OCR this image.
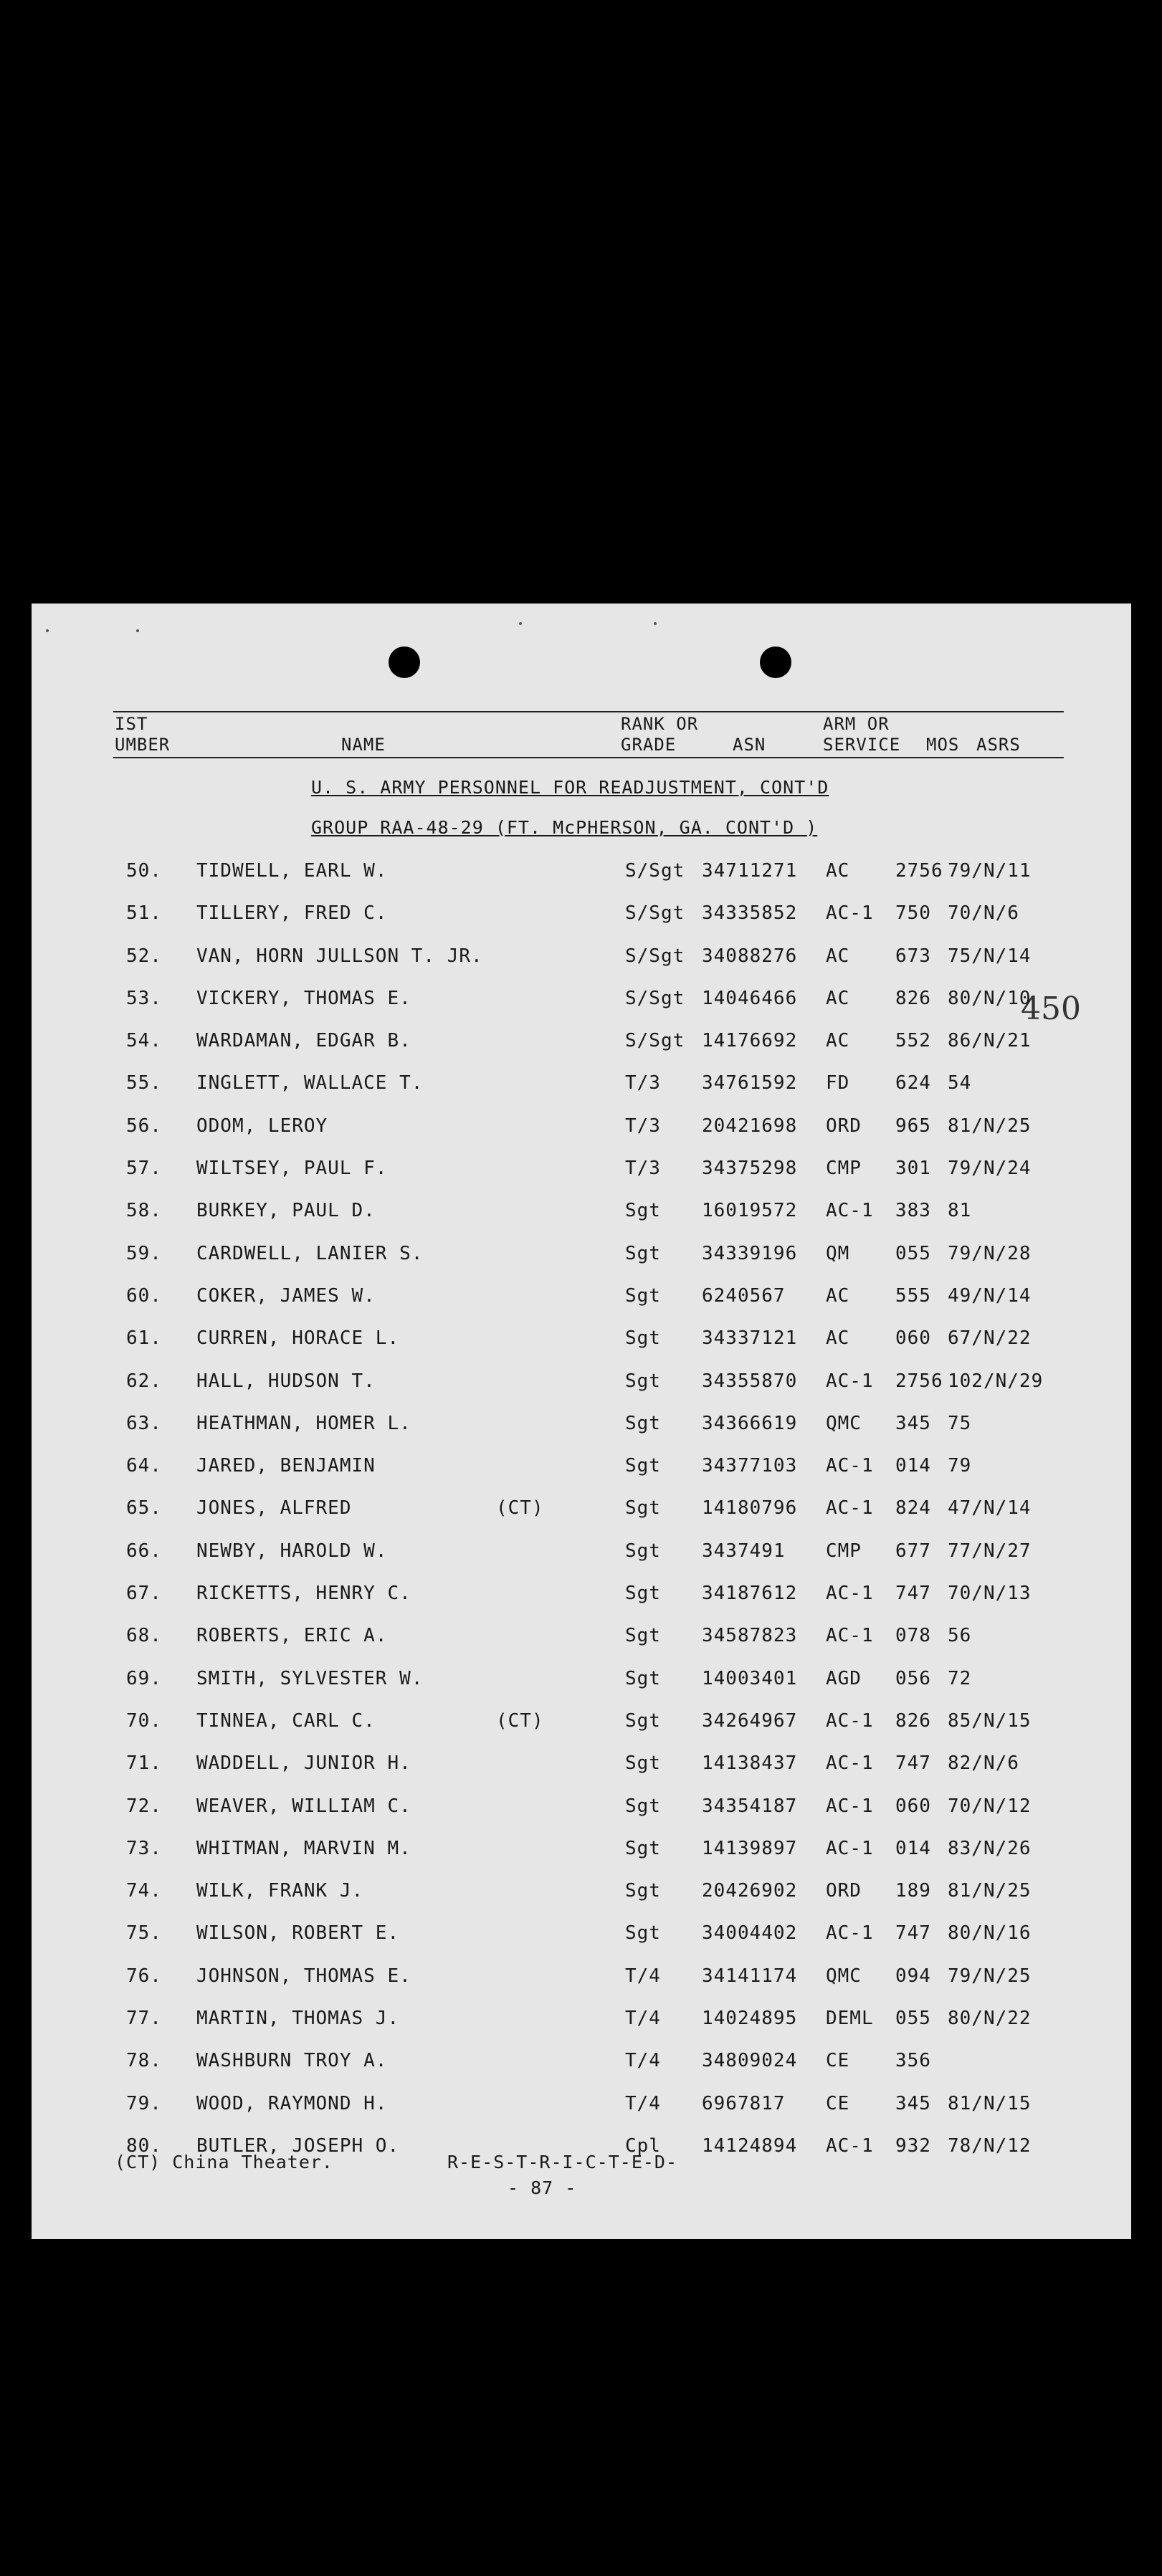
IST
UMBER	NAME
RANK OR
GRADE	ASN
ARM OR
SERVICE MOS ASRS
U. S. ARMY PERSONNEL FOR READJUSTMENT, CONT'D
GROUP RAA-48-29 (FT. McPHERSON, GA. CONT'D )
450
50. TIDWELL, EARL W.	S/Sgt 34711271 AC 2756 79/N/11
51. TILLERY, FRED C.	S/Sgt 34335852 AC-1 750 70/N/6
52. VAN, HORN JULLSON T. JR.	S/Sgt 34088276 AC 673 75/N/14
53. VICKERY, THOMAS E.	S/Sgt 14046466 AC 826 80/N/10
54. WARDAMAN, EDGAR B.	S/Sgt 14176692 AC 552 86/N/21
55. INGLETT, WALLACE T.	T/3 34761592 FD 624 54
56. ODOM, LEROY	T/3 20421698 ORD 965 81/N/25
57. WILTSEY, PAUL F.	T/3 34375298 CMP 301 79/N/24
58. BURKEY, PAUL D.	Sgt 16019572 AC-1 383 81
59. CARDWELL, LANIER S.	Sgt 34339196 QM 055 79/N/28
60. COKER, JAMES W.	Sgt 6240567 AC 555 49/N/14
61. CURREN, HORACE L.	Sgt 34337121 AC 060 67/N/22
62. HALL, HUDSON T.	Sgt 34355870 AC-1 2756 102/N/29
63. HEATHMAN, HOMER L.	Sgt 34366619 QMC 345 75
64. JARED, BENJAMIN	Sgt 34377103 AC-1 014 79
65. JONES, ALFRED	(CT)	Sgt 14180796 AC-1 824 47/N/14
66. NEWBY, HAROLD W.	Sgt 3437491 CMP 677 77/N/27
67. RICKETTS, HENRY C.	Sgt 34187612 AC-1 747 70/N/13
68. ROBERTS, ERIC A.	Sgt 34587823 AC-1 078 56
69. SMITH, SYLVESTER W.	Sgt 14003401 AGD 056 72
70. TINNEA, CARL C.	(CT)	Sgt 34264967 AC-1 826 85/N/15
71. WADDELL, JUNIOR H.	Sgt 14138437 AC-1 747 82/N/6
72. WEAVER, WILLIAM C.	Sgt 34354187 AC-1 060 70/N/12
73. WHITMAN, MARVIN M.	Sgt 14139897 AC-1 014 83/N/26
74. WILK, FRANK J.	Sgt 20426902 ORD 189 81/N/25
75. WILSON, ROBERT E.	Sgt 34004402 AC-1 747 80/N/16
76. JOHNSON, THOMAS E.	T/4 34141174 QMC 094 79/N/25
77. MARTIN, THOMAS J.	T/4 14024895 DEML 055 80/N/22
78. WASHBURN TROY A.	T/4 34809024 CE 356
79. WOOD, RAYMOND H.	T/4 6967817 CE 345 81/N/15
80. BUTLER, JOSEPH O.	Cpl 14124894 AC-1 932 78/N/12
(CT) China Theater.	R-E-S-T-R-I-C-T-E-D-
- 87 -
